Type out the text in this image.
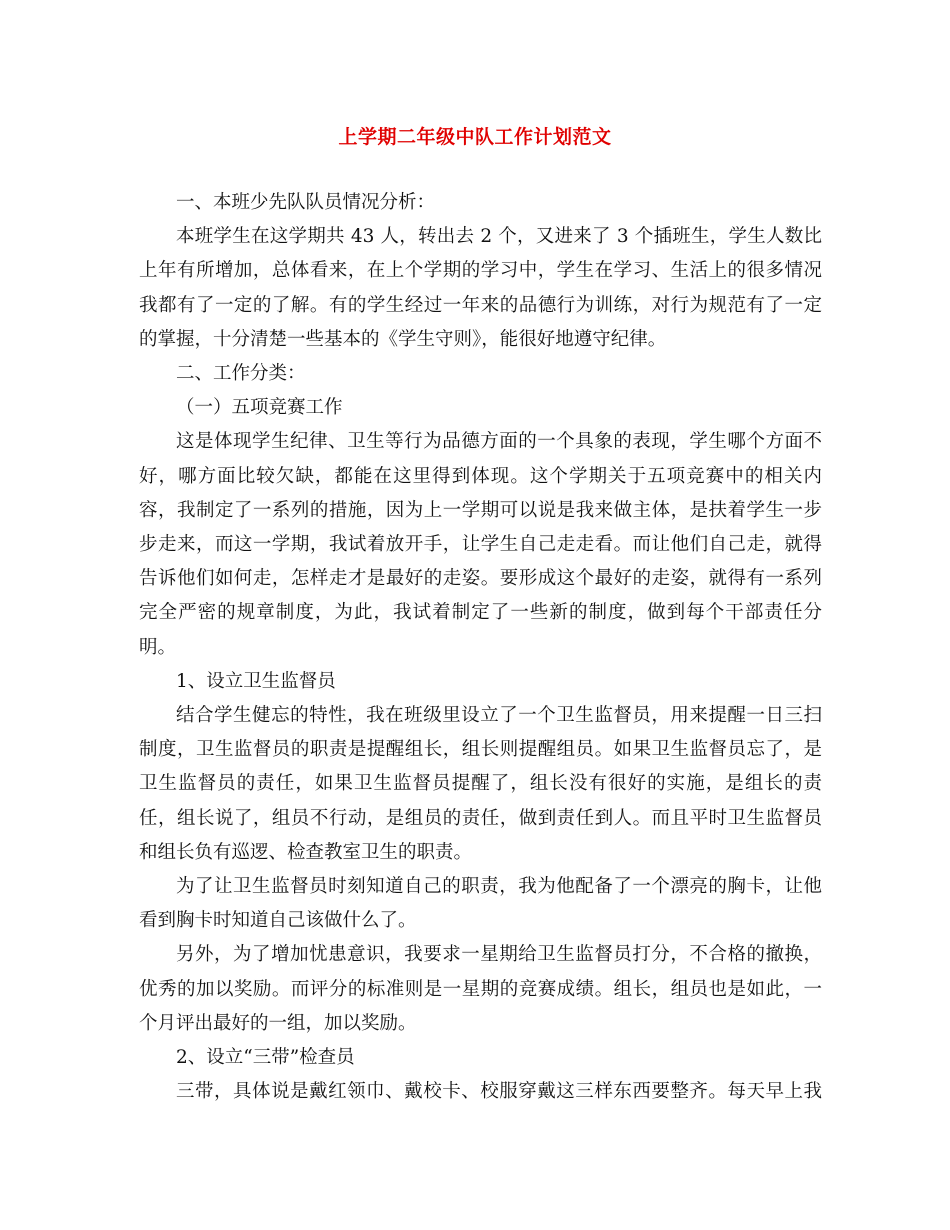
上学期二年级中队工作计划范文

一、本班少先队队员情况分析：

本班学生在这学期共 43 人，转出去 2 个，又进来了 3 个插班生，学生人数比上年有所增加，总体看来，在上个学期的学习中，学生在学习、生活上的很多情况我都有了一定的了解。有的学生经过一年来的品德行为训练，对行为规范有了一定的掌握，十分清楚一些基本的《学生守则》，能很好地遵守纪律。

二、工作分类：

（一）五项竞赛工作

这是体现学生纪律、卫生等行为品德方面的一个具象的表现，学生哪个方面不好，哪方面比较欠缺，都能在这里得到体现。这个学期关于五项竞赛中的相关内容，我制定了一系列的措施，因为上一学期可以说是我来做主体，是扶着学生一步步走来，而这一学期，我试着放开手，让学生自己走走看。而让他们自己走，就得告诉他们如何走，怎样走才是最好的走姿。要形成这个最好的走姿，就得有一系列完全严密的规章制度，为此，我试着制定了一些新的制度，做到每个干部责任分明。

1、设立卫生监督员

结合学生健忘的特性，我在班级里设立了一个卫生监督员，用来提醒一日三扫制度，卫生监督员的职责是提醒组长，组长则提醒组员。如果卫生监督员忘了，是卫生监督员的责任，如果卫生监督员提醒了，组长没有很好的实施，是组长的责任，组长说了，组员不行动，是组员的责任，做到责任到人。而且平时卫生监督员和组长负有巡逻、检查教室卫生的职责。

为了让卫生监督员时刻知道自己的职责，我为他配备了一个漂亮的胸卡，让他看到胸卡时知道自己该做什么了。

另外，为了增加忧患意识，我要求一星期给卫生监督员打分，不合格的撤换，优秀的加以奖励。而评分的标准则是一星期的竞赛成绩。组长，组员也是如此，一个月评出最好的一组，加以奖励。

2、设立“三带”检查员

三带，具体说是戴红领巾、戴校卡、校服穿戴这三样东西要整齐。每天早上我
